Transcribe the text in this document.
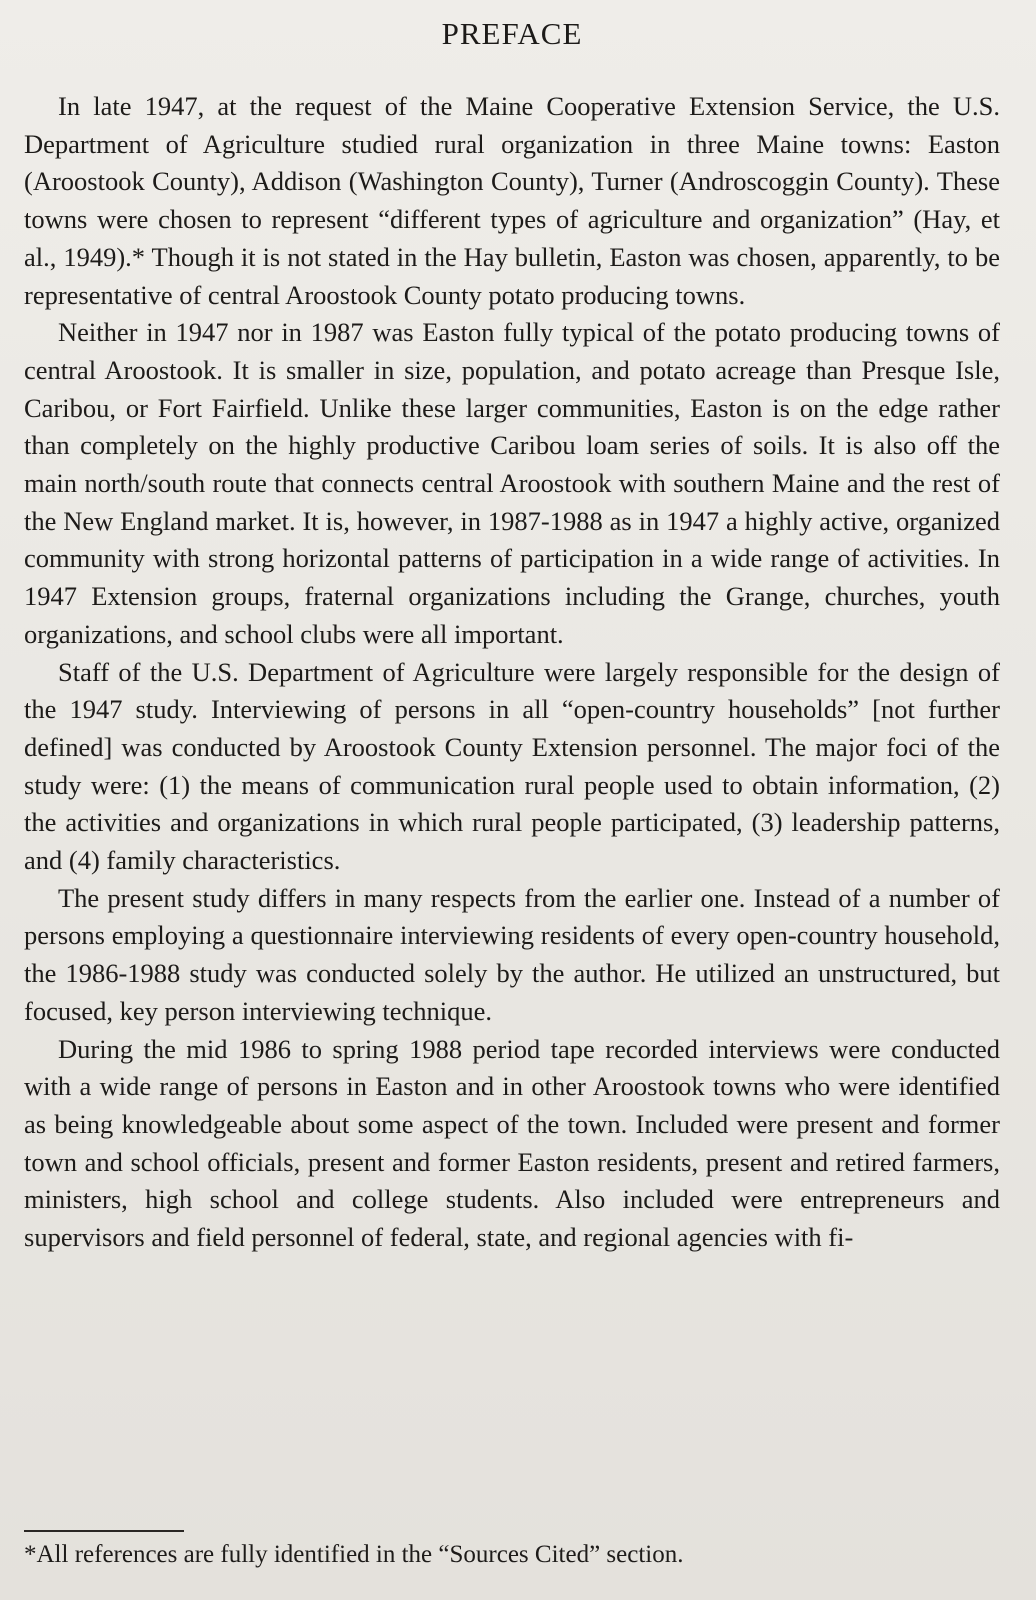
PREFACE

In late 1947, at the request of the Maine Cooperative Extension Service, the U.S. Department of Agriculture studied rural organization in three Maine towns: Easton (Aroostook County), Addison (Washington County), Turner (Androscoggin County). These towns were chosen to represent “different types of agriculture and organization” (Hay, et al., 1949).* Though it is not stated in the Hay bulletin, Easton was chosen, apparently, to be representative of central Aroostook County potato producing towns.

Neither in 1947 nor in 1987 was Easton fully typical of the potato producing towns of central Aroostook. It is smaller in size, population, and potato acreage than Presque Isle, Caribou, or Fort Fairfield. Unlike these larger communities, Easton is on the edge rather than completely on the highly productive Caribou loam series of soils. It is also off the main north/south route that connects central Aroostook with southern Maine and the rest of the New England market. It is, however, in 1987-1988 as in 1947 a highly active, organized community with strong horizontal patterns of participation in a wide range of activities. In 1947 Extension groups, fraternal organizations including the Grange, churches, youth organizations, and school clubs were all important.

Staff of the U.S. Department of Agriculture were largely responsible for the design of the 1947 study. Interviewing of persons in all “open-country households” [not further defined] was conducted by Aroostook County Extension personnel. The major foci of the study were: (1) the means of communication rural people used to obtain information, (2) the activities and organizations in which rural people participated, (3) leadership patterns, and (4) family characteristics.

The present study differs in many respects from the earlier one. Instead of a number of persons employing a questionnaire interviewing residents of every open-country household, the 1986-1988 study was conducted solely by the author. He utilized an unstructured, but focused, key person interviewing technique.

During the mid 1986 to spring 1988 period tape recorded interviews were conducted with a wide range of persons in Easton and in other Aroostook towns who were identified as being knowledgeable about some aspect of the town. Included were present and former town and school officials, present and former Easton residents, present and retired farmers, ministers, high school and college students. Also included were entrepreneurs and supervisors and field personnel of federal, state, and regional agencies with fi-

*All references are fully identified in the “Sources Cited” section.
